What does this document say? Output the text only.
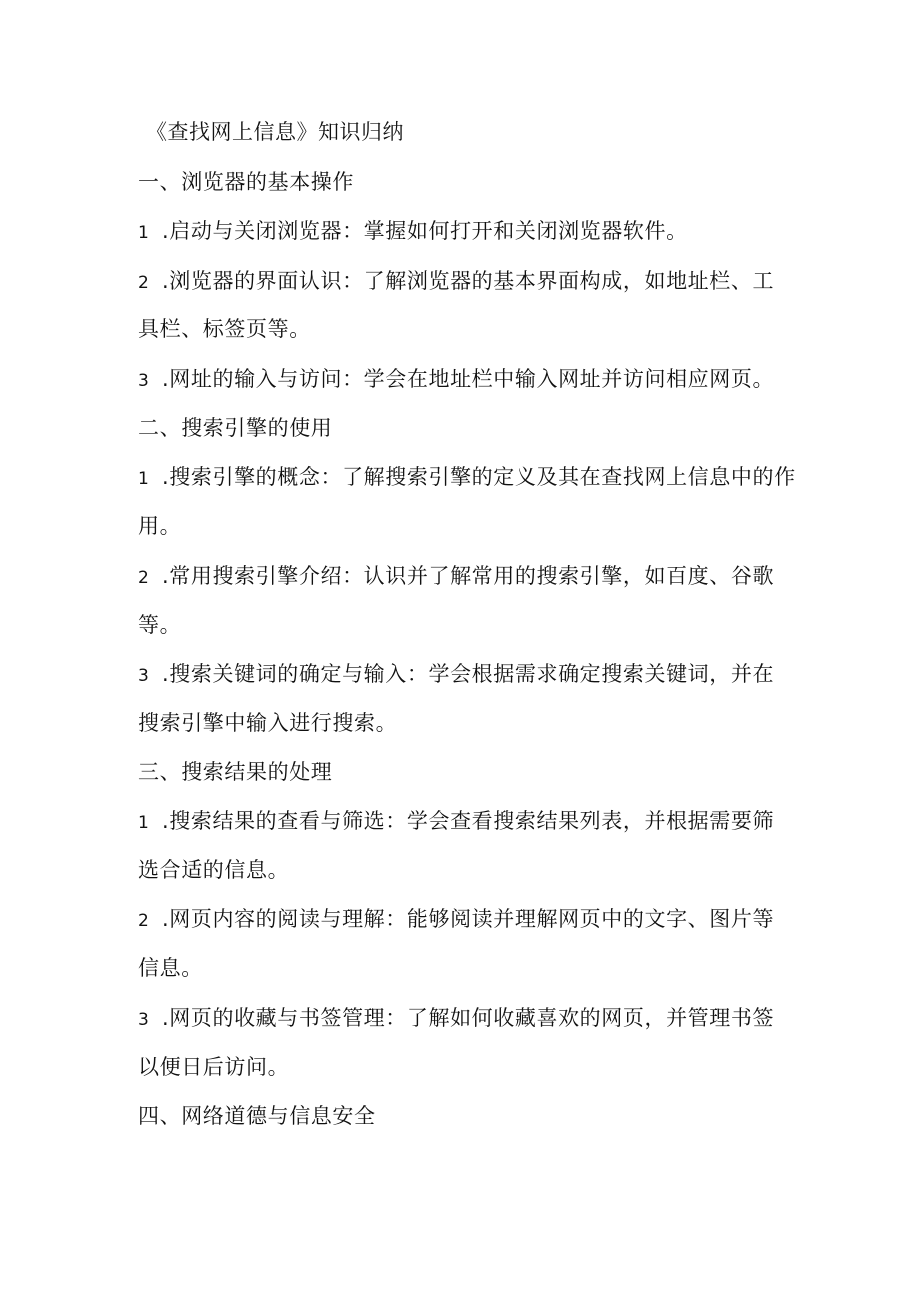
《查找网上信息》知识归纳
一、浏览器的基本操作
1 .启动与关闭浏览器：掌握如何打开和关闭浏览器软件。
2 .浏览器的界面认识：了解浏览器的基本界面构成，如地址栏、工
具栏、标签页等。
3 .网址的输入与访问：学会在地址栏中输入网址并访问相应网页。
二、搜索引擎的使用
1 .搜索引擎的概念：了解搜索引擎的定义及其在查找网上信息中的作
用。
2 .常用搜索引擎介绍：认识并了解常用的搜索引擎，如百度、谷歌
等。
3 .搜索关键词的确定与输入：学会根据需求确定搜索关键词，并在
搜索引擎中输入进行搜索。
三、搜索结果的处理
1 .搜索结果的查看与筛选：学会查看搜索结果列表，并根据需要筛
选合适的信息。
2 .网页内容的阅读与理解：能够阅读并理解网页中的文字、图片等
信息。
3 .网页的收藏与书签管理：了解如何收藏喜欢的网页，并管理书签
以便日后访问。
四、网络道德与信息安全
